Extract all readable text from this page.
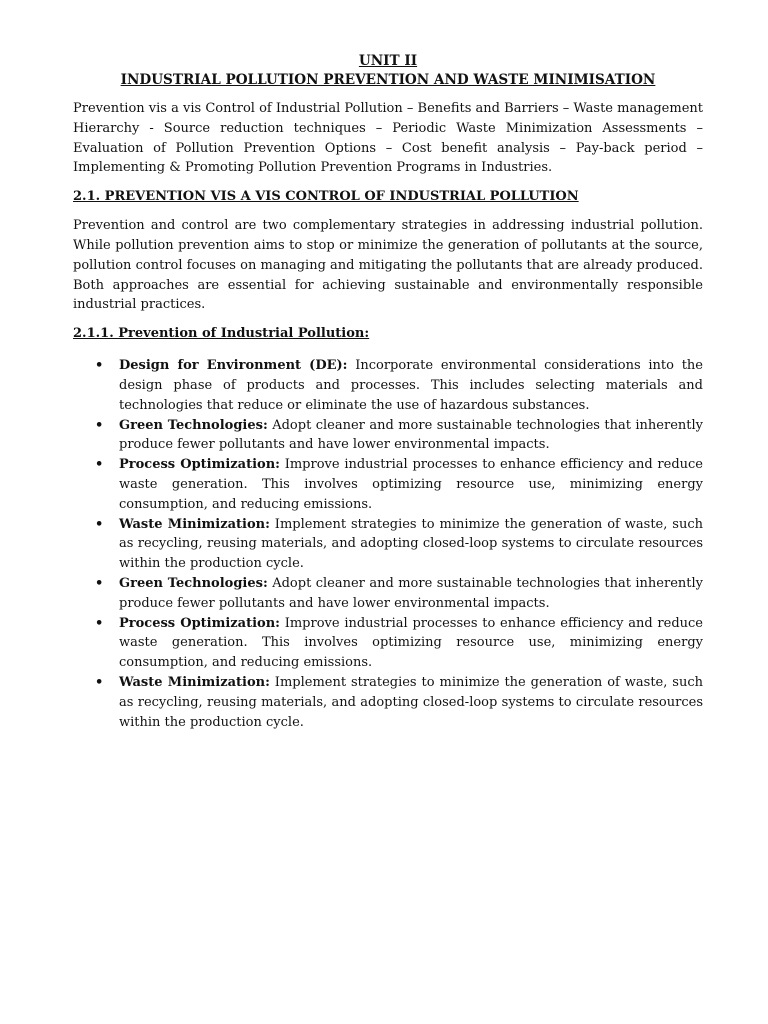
UNIT II
INDUSTRIAL POLLUTION PREVENTION AND WASTE MINIMISATION

Prevention vis a vis Control of Industrial Pollution – Benefits and Barriers – Waste management Hierarchy - Source reduction techniques – Periodic Waste Minimization Assessments – Evaluation of Pollution Prevention Options – Cost benefit analysis – Pay-back period – Implementing & Promoting Pollution Prevention Programs in Industries.

2.1. PREVENTION VIS A VIS CONTROL OF INDUSTRIAL POLLUTION

Prevention and control are two complementary strategies in addressing industrial pollution. While pollution prevention aims to stop or minimize the generation of pollutants at the source, pollution control focuses on managing and mitigating the pollutants that are already produced. Both approaches are essential for achieving sustainable and environmentally responsible industrial practices.

2.1.1. Prevention of Industrial Pollution:
• Design for Environment (DE): Incorporate environmental considerations into the design phase of products and processes. This includes selecting materials and technologies that reduce or eliminate the use of hazardous substances.
• Green Technologies: Adopt cleaner and more sustainable technologies that inherently produce fewer pollutants and have lower environmental impacts.
• Process Optimization: Improve industrial processes to enhance efficiency and reduce waste generation. This involves optimizing resource use, minimizing energy consumption, and reducing emissions.
• Waste Minimization: Implement strategies to minimize the generation of waste, such as recycling, reusing materials, and adopting closed-loop systems to circulate resources within the production cycle.
• Green Technologies: Adopt cleaner and more sustainable technologies that inherently produce fewer pollutants and have lower environmental impacts.
• Process Optimization: Improve industrial processes to enhance efficiency and reduce waste generation. This involves optimizing resource use, minimizing energy consumption, and reducing emissions.
• Waste Minimization: Implement strategies to minimize the generation of waste, such as recycling, reusing materials, and adopting closed-loop systems to circulate resources within the production cycle.
